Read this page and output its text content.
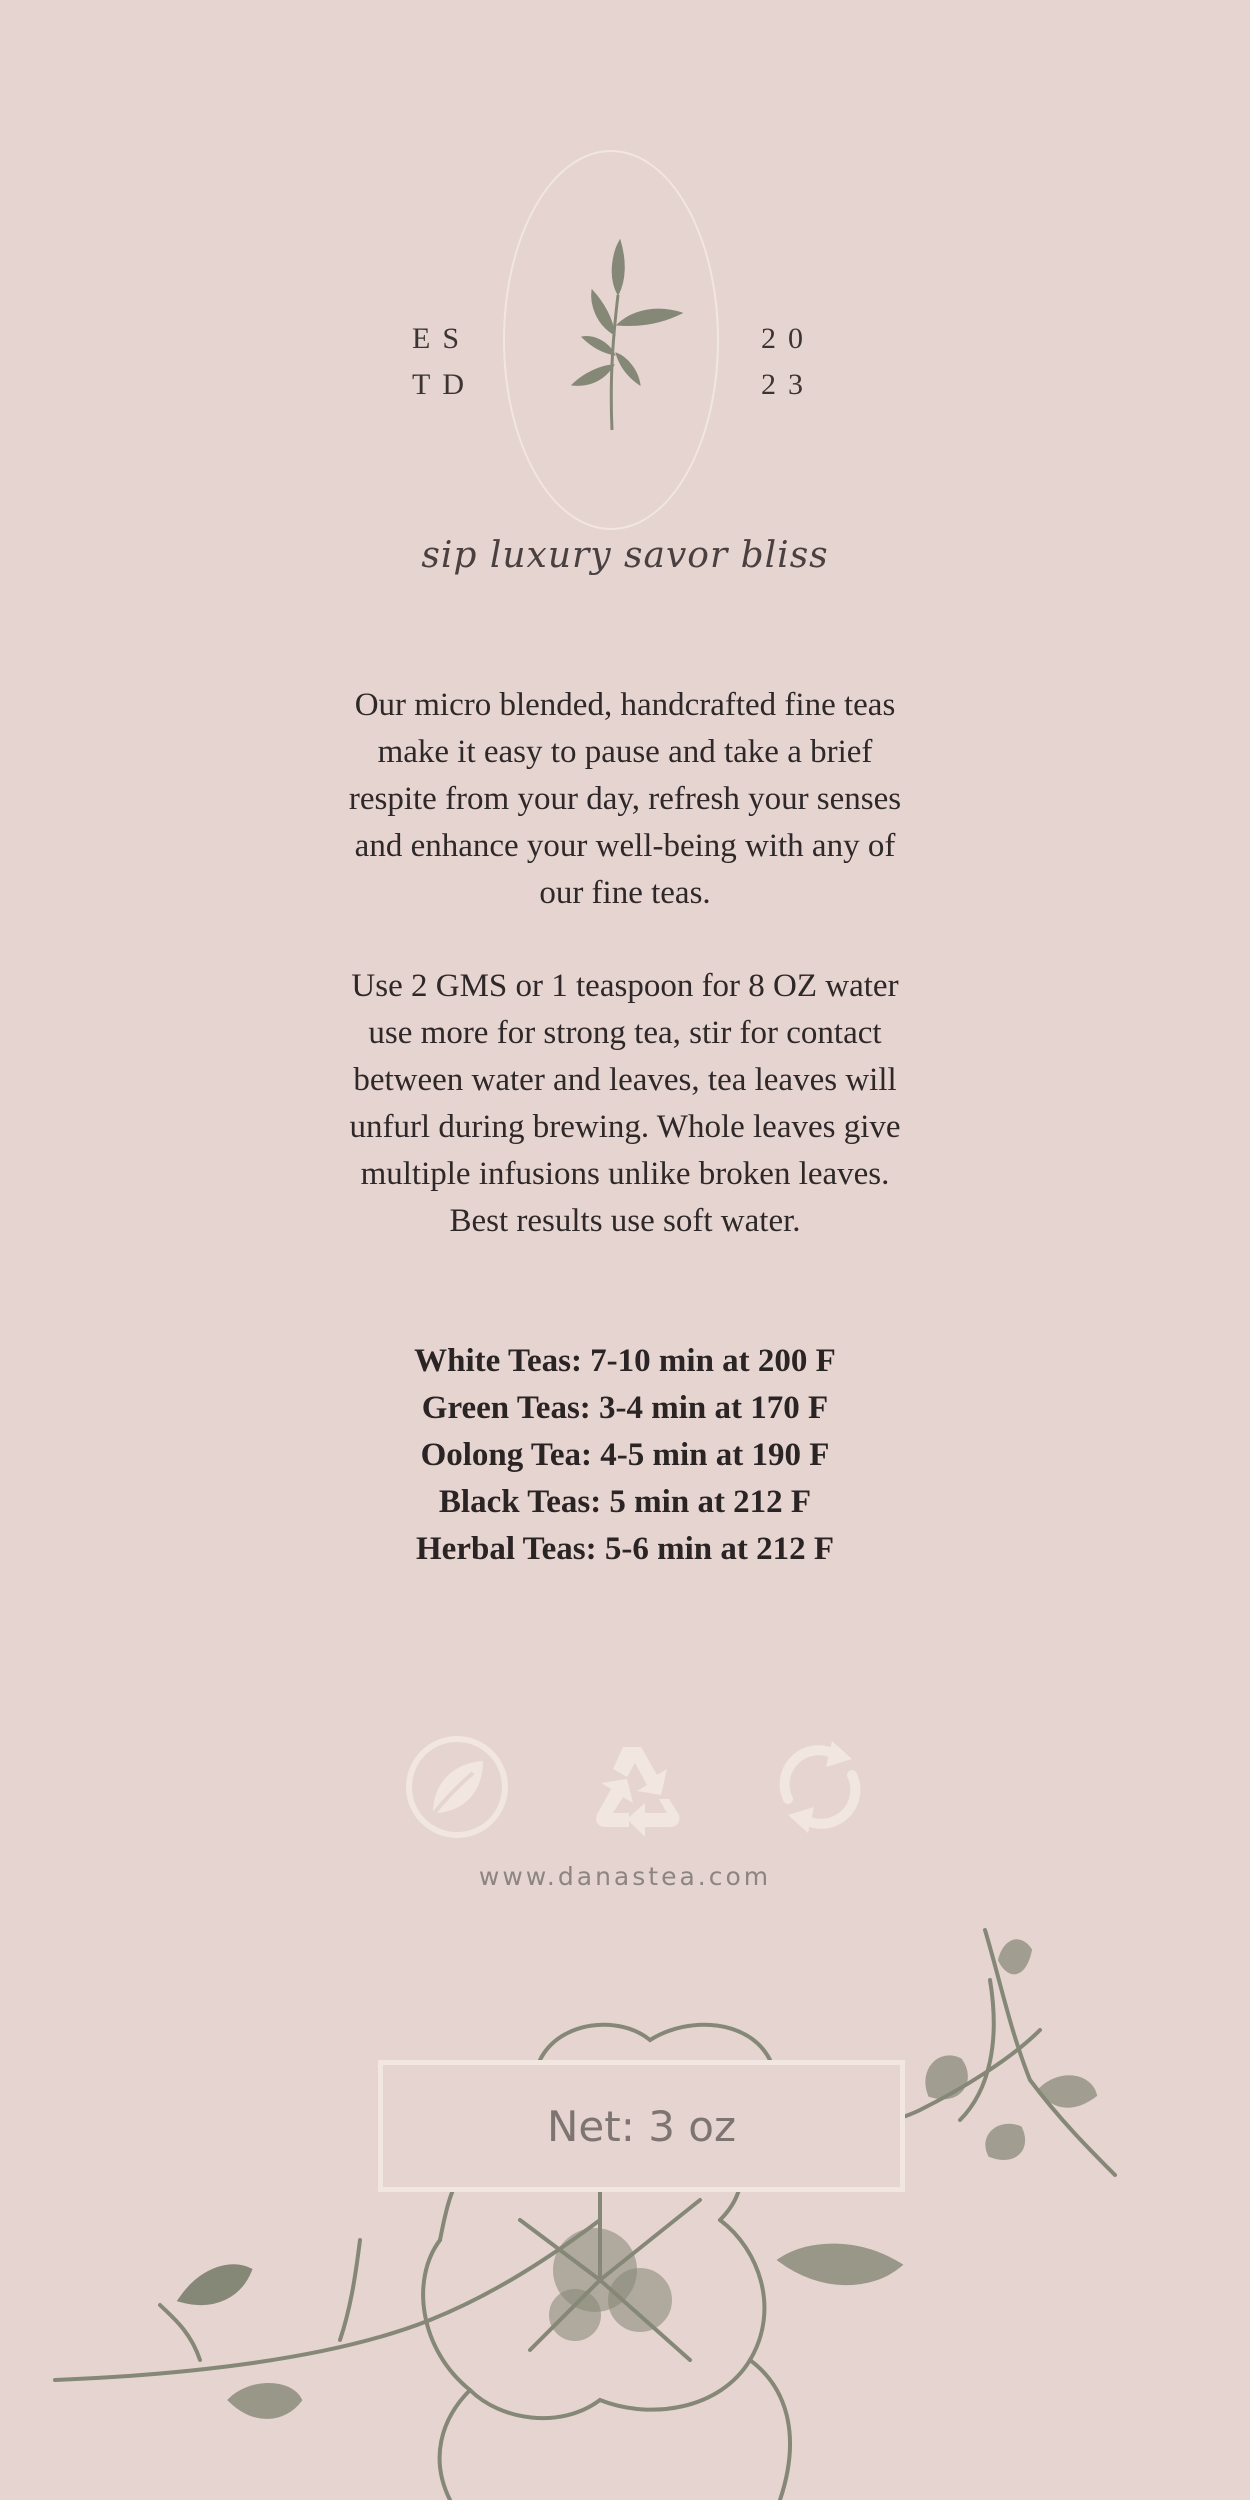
ES
TD
20
23
sip luxury savor bliss

Our micro blended, handcrafted fine teas make it easy to pause and take a brief respite from your day, refresh your senses and enhance your well-being with any of our fine teas.

Use 2 GMS or 1 teaspoon for 8 OZ water use more for strong tea, stir for contact between water and leaves, tea leaves will unfurl during brewing. Whole leaves give multiple infusions unlike broken leaves. Best results use soft water.

White Teas: 7-10 min at 200 F
Green Teas: 3-4 min at 170 F
Oolong Tea: 4-5 min at 190 F
Black Teas: 5 min at 212 F
Herbal Teas: 5-6 min at 212 F
www.danastea.com
Net: 3 oz
